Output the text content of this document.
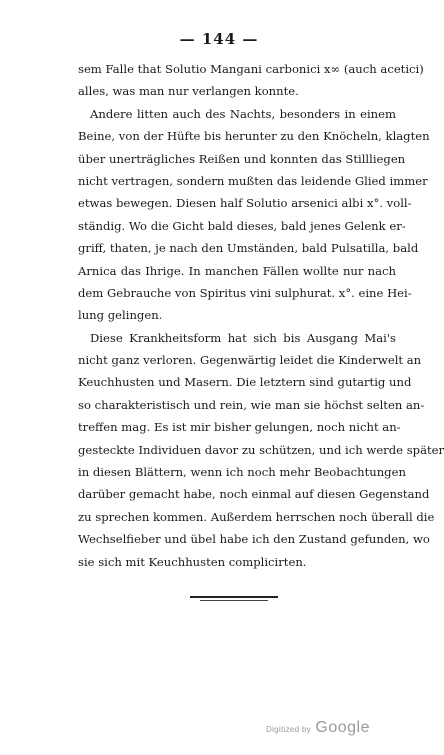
— 144 —
sem Falle that Solutio Mangani carbonici x∞ (auch acetici)
alles, was man nur verlangen konnte.
Andere litten auch des Nachts, besonders in einem
Beine, von der Hüfte bis herunter zu den Knöcheln, klagten
über unerträgliches Reißen und konnten das Stillliegen
nicht vertragen, sondern mußten das leidende Glied immer
etwas bewegen. Diesen half Solutio arsenici albi x°. voll-
ständig. Wo die Gicht bald dieses, bald jenes Gelenk er-
griff, thaten, je nach den Umständen, bald Pulsatilla, bald
Arnica das Ihrige. In manchen Fällen wollte nur nach
dem Gebrauche von Spiritus vini sulphurat. x°. eine Hei-
lung gelingen.
Diese Krankheitsform hat sich bis Ausgang Mai's
nicht ganz verloren. Gegenwärtig leidet die Kinderwelt an
Keuchhusten und Masern. Die letztern sind gutartig und
so charakteristisch und rein, wie man sie höchst selten an-
treffen mag. Es ist mir bisher gelungen, noch nicht an-
gesteckte Individuen davor zu schützen, und ich werde später
in diesen Blättern, wenn ich noch mehr Beobachtungen
darüber gemacht habe, noch einmal auf diesen Gegenstand
zu sprechen kommen. Außerdem herrschen noch überall die
Wechselfieber und übel habe ich den Zustand gefunden, wo
sie sich mit Keuchhusten complicirten.
Digitized by Google
